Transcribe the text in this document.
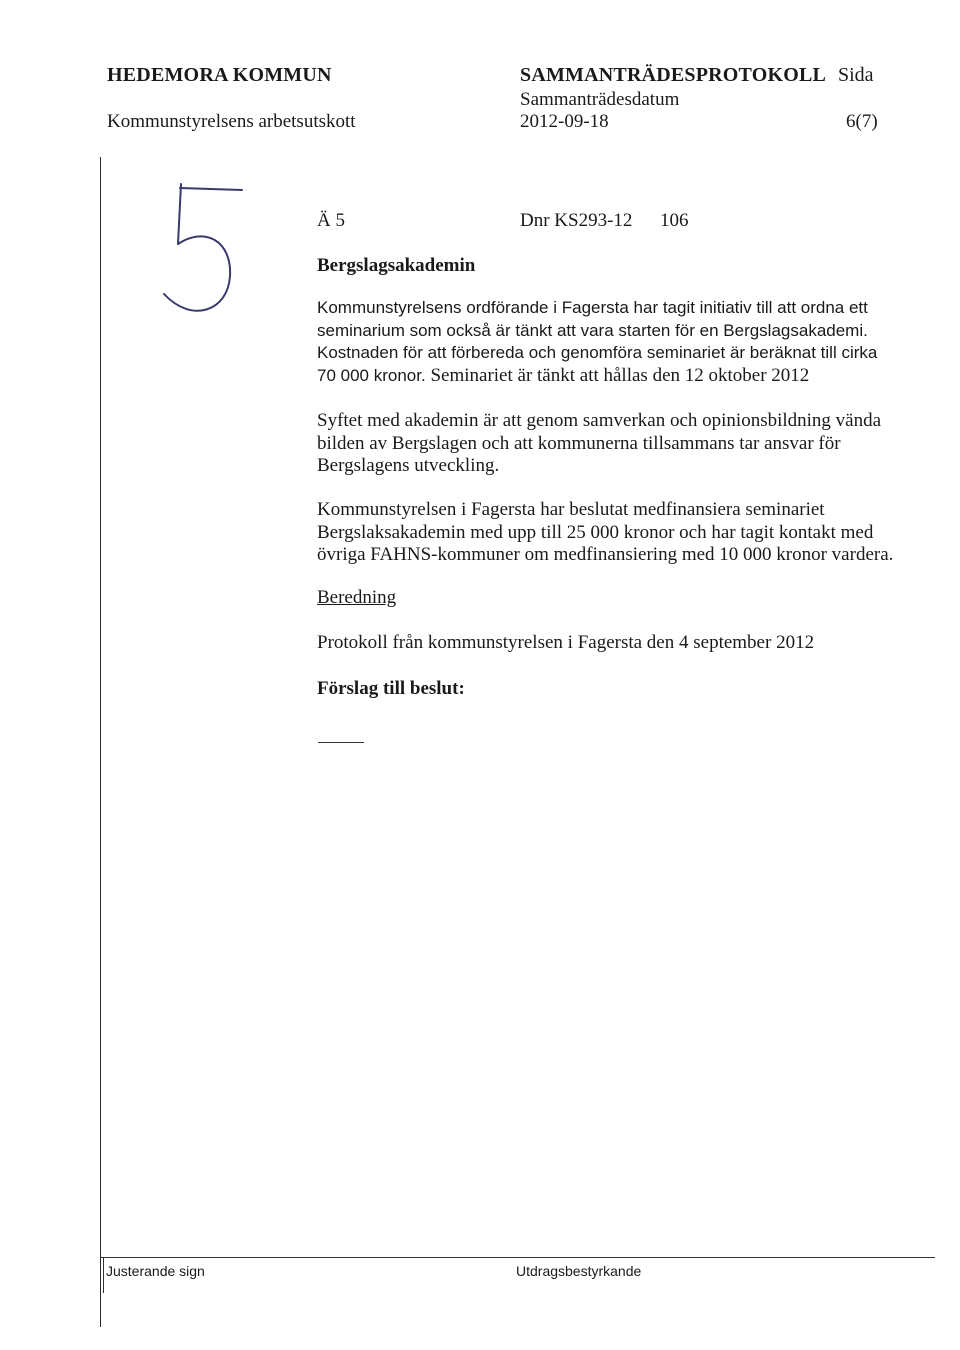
HEDEMORA KOMMUN
Kommunstyrelsens arbetsutskott
SAMMANTRÄDESPROTOKOLL Sida
Sammanträdesdatum
2012-09-18	6(7)
Ä 5	Dnr KS293-12 106
Bergslagsakademin
Kommunstyrelsens ordförande i Fagersta har tagit initiativ till att ordna ett
seminarium som också är tänkt att vara starten för en Bergslagsakademi.
Kostnaden för att förbereda och genomföra seminariet är beräknat till cirka
70 000 kronor. Seminariet är tänkt att hållas den 12 oktober 2012
Syftet med akademin är att genom samverkan och opinionsbildning vända
bilden av Bergslagen och att kommunerna tillsammans tar ansvar för
Bergslagens utveckling.
Kommunstyrelsen i Fagersta har beslutat medfinansiera seminariet
Bergslaksakademin med upp till 25 000 kronor och har tagit kontakt med
övriga FAHNS-kommuner om medfinansiering med 10 000 kronor vardera.
Beredning
Protokoll från kommunstyrelsen i Fagersta den 4 september 2012
Förslag till beslut:
Justerande sign	Utdragsbestyrkande
